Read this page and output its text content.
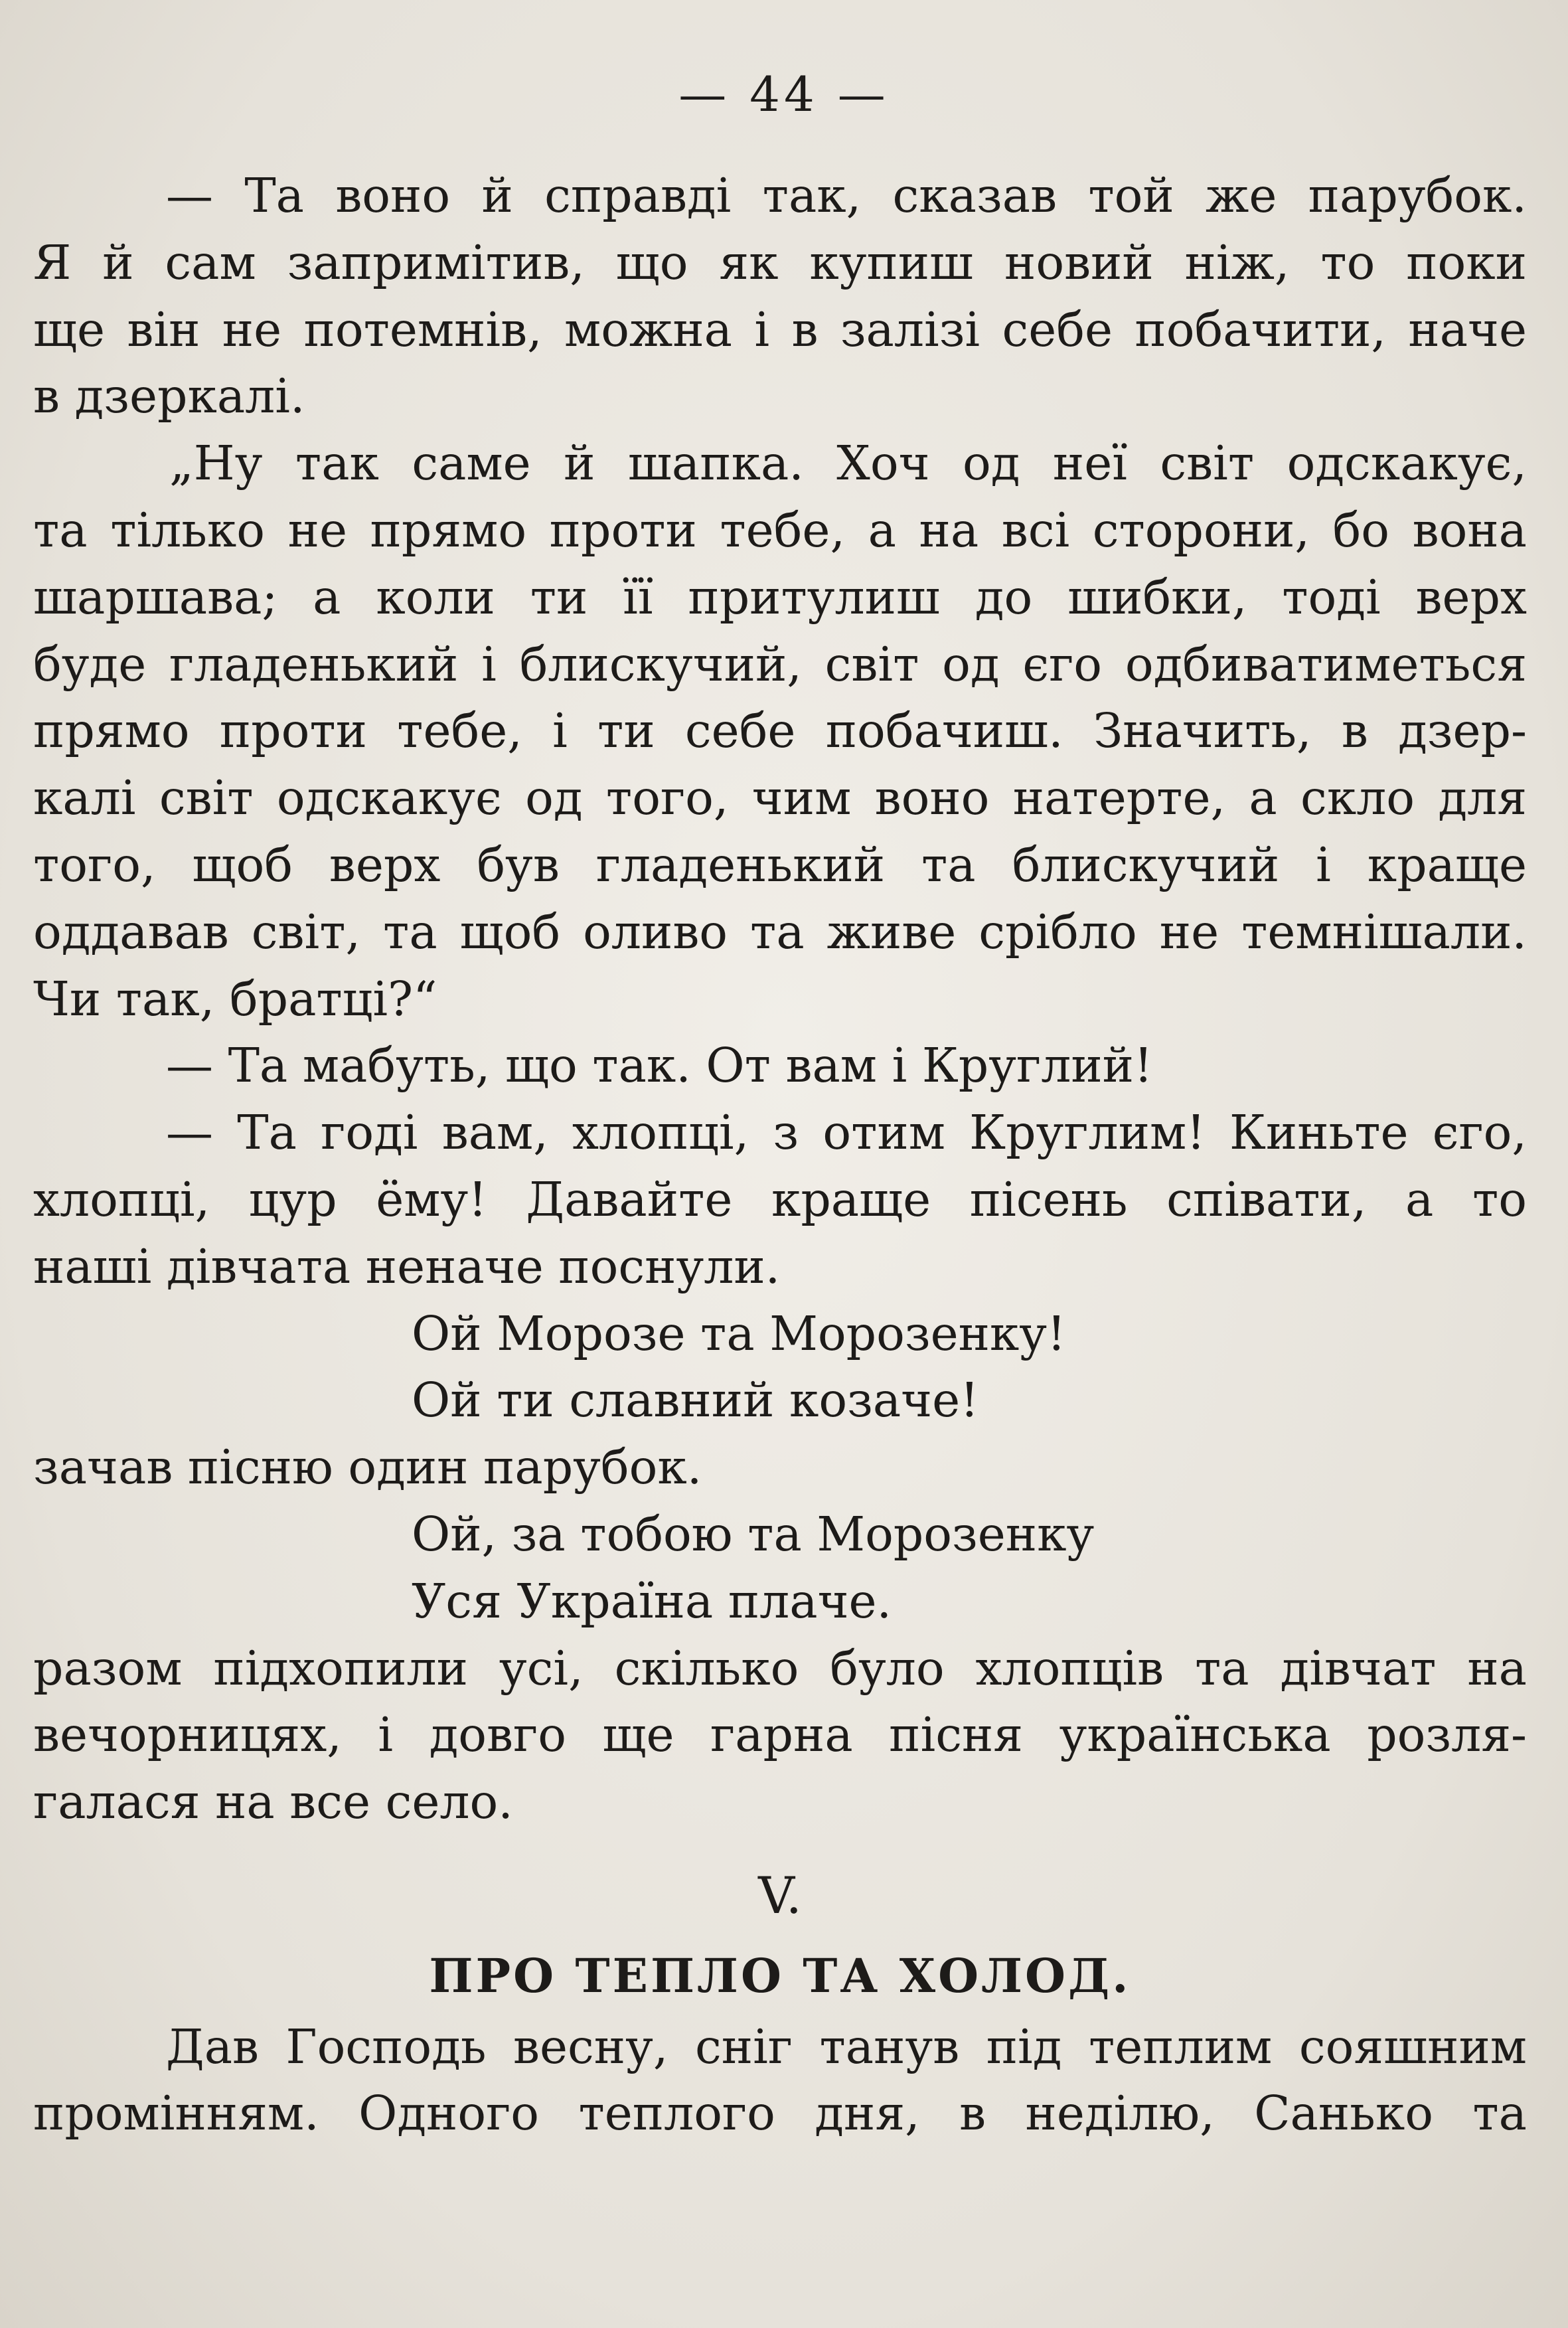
— 44 —
— Та воно й справді так, сказав той же парубок.
Я й сам запримітив, що як купиш новий ніж, то поки
ще він не потемнів, можна і в залізі себе побачити, наче
в дзеркалі.
„Ну так саме й шапка. Хоч од неї світ одскакує,
та тілько не прямо проти тебе, а на всі сторони, бо вона
шаршава; а коли ти її притулиш до шибки, тоді верх
буде гладенький і блискучий, світ од єго одбиватиметься
прямо проти тебе, і ти себе побачиш. Значить, в дзер-
калі світ одскакує од того, чим воно натерте, а скло для
того, щоб верх був гладенький та блискучий і краще
оддавав світ, та щоб оливо та живе срібло не темнішали.
Чи так, братці?“
— Та мабуть, що так. От вам і Круглий!
— Та годі вам, хлопці, з отим Круглим! Киньте єго,
хлопці, цур ёму! Давайте краще пісень співати, а то
наші дівчата неначе поснули.
Ой Морозе та Морозенку!
Ой ти славний козаче!
зачав пісню один парубок.
Ой, за тобою та Морозенку
Уся Україна плаче.
разом підхопили усі, скілько було хлопців та дівчат на
вечорницях, і довго ще гарна пісня українська розля-
галася на все село.
V.
ПРО ТЕПЛО ТА ХОЛОД.
Дав Господь весну, сніг танув під теплим сояшним
промінням. Одного теплого дня, в неділю, Санько та
